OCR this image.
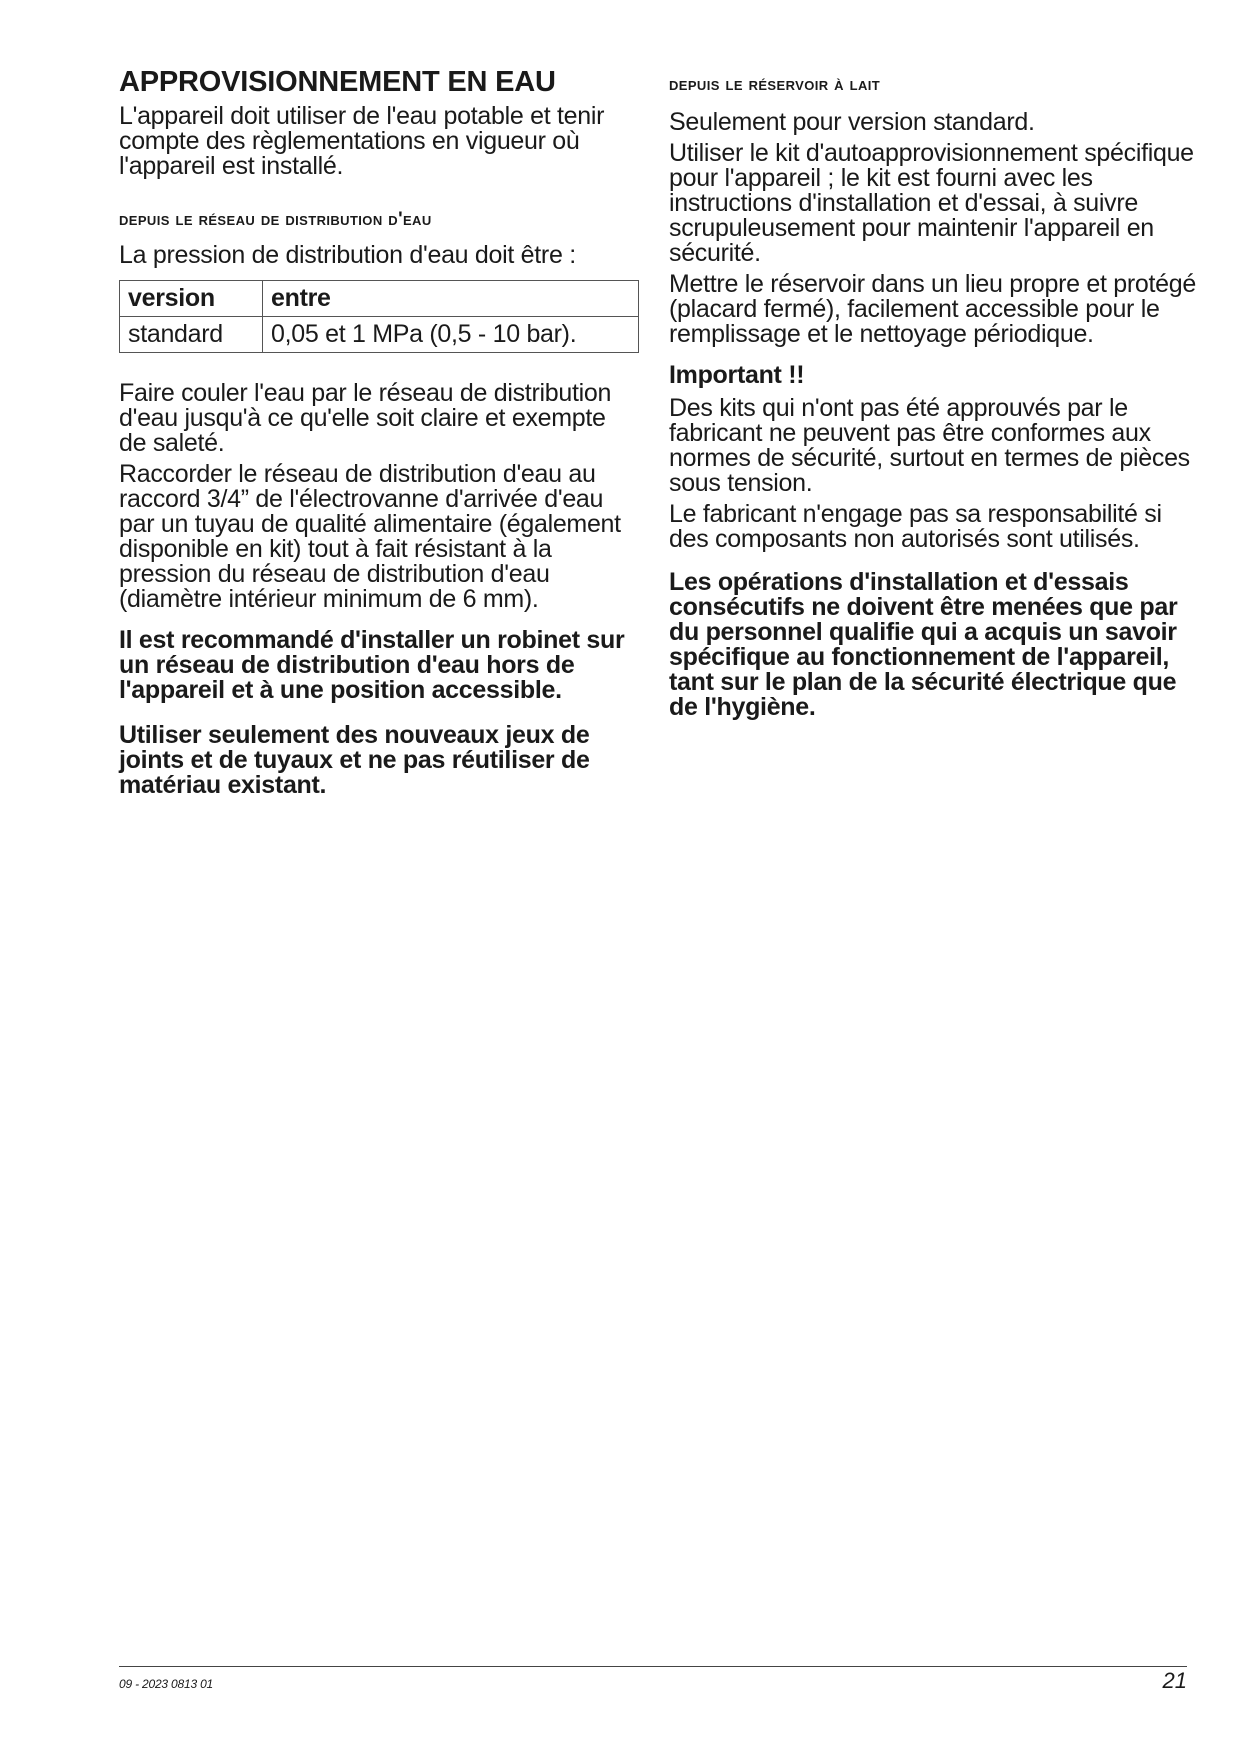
APPROVISIONNEMENT EN EAU

L'appareil doit utiliser de l'eau potable et tenir compte des règlementations en vigueur où l'appareil est installé.

depuis le réseau de distribution d'eau

La pression de distribution d'eau doit être :

version	entre
standard	0,05 et 1 MPa (0,5 - 10 bar).

Faire couler l'eau par le réseau de distribution d'eau jusqu'à ce qu'elle soit claire et exempte de saleté.

Raccorder le réseau de distribution d'eau au raccord 3/4” de l'électrovanne d'arrivée d'eau par un tuyau de qualité alimentaire (également disponible en kit) tout à fait résistant à la pression du réseau de distribution d'eau (diamètre intérieur minimum de 6 mm).

Il est recommandé d'installer un robinet sur un réseau de distribution d'eau hors de l'appareil et à une position accessible.

Utiliser seulement des nouveaux jeux de joints et de tuyaux et ne pas réutiliser de matériau existant.

depuis le réservoir à lait

Seulement pour version standard.

Utiliser le kit d'autoapprovisionnement spécifique pour l'appareil ; le kit est fourni avec les instructions d'installation et d'essai, à suivre scrupuleusement pour maintenir l'appareil en sécurité.

Mettre le réservoir dans un lieu propre et protégé (placard fermé), facilement accessible pour le remplissage et le nettoyage périodique.

Important !!

Des kits qui n'ont pas été approuvés par le fabricant ne peuvent pas être conformes aux normes de sécurité, surtout en termes de pièces sous tension.

Le fabricant n'engage pas sa responsabilité si des composants non autorisés sont utilisés.

Les opérations d'installation et d'essais consécutifs ne doivent être menées que par du personnel qualifie qui a acquis un savoir spécifique au fonctionnement de l'appareil, tant sur le plan de la sécurité électrique que de l'hygiène.

09 - 2023 0813 01	21
